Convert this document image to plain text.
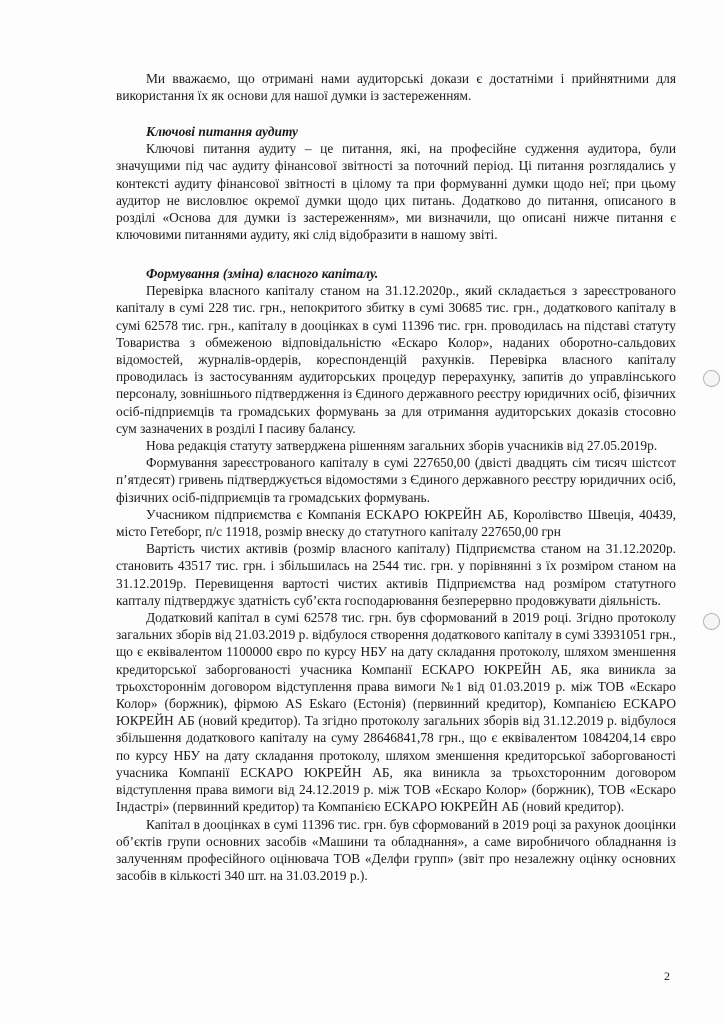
Ми вважаємо, що отримані нами аудиторські докази є достатніми і прийнятними для використання їх як основи для нашої думки із застереженням.

Ключові питання аудиту

Ключові питання аудиту – це питання, які, на професійне судження аудитора, були значущими під час аудиту фінансової звітності за поточний період. Ці питання розглядались у контексті аудиту фінансової звітності в цілому та при формуванні думки щодо неї; при цьому аудитор не висловлює окремої думки щодо цих питань. Додатково до питання, описаного в розділі «Основа для думки із застереженням», ми визначили, що описані нижче питання є ключовими питаннями аудиту, які слід відобразити в нашому звіті.

Формування (зміна) власного капіталу.

Перевірка власного капіталу станом на 31.12.2020р., який складається з зареєстрованого капіталу в сумі 228 тис. грн., непокритого збитку в сумі 30685 тис. грн., додаткового капіталу в сумі 62578 тис. грн., капіталу в дооцінках в сумі 11396 тис. грн. проводилась на підставі статуту Товариства з обмеженою відповідальністю «Ескаро Колор», наданих оборотно-сальдових відомостей, журналів-ордерів, кореспонденцій рахунків. Перевірка власного капіталу проводилась із застосуванням аудиторських процедур перерахунку, запитів до управлінського персоналу, зовнішнього підтвердження із Єдиного державного реєстру юридичних осіб, фізичних осіб-підприємців та громадських формувань за для отримання аудиторських доказів стосовно сум зазначених в розділі І пасиву балансу.

Нова редакція статуту затверджена рішенням загальних зборів учасників від 27.05.2019р.

Формування зареєстрованого капіталу в сумі 227650,00 (двісті двадцять сім тисяч шістсот п’ятдесят) гривень підтверджується відомостями з Єдиного державного реєстру юридичних осіб, фізичних осіб-підприємців та громадських формувань.

Учасником підприємства є Компанія ЕСКАРО ЮКРЕЙН АБ, Королівство Швеція, 40439, місто Гетеборг, п/с 11918, розмір внеску до статутного капіталу 227650,00 грн

Вартість чистих активів (розмір власного капіталу) Підприємства станом на 31.12.2020р. становить 43517 тис. грн. і збільшилась на 2544 тис. грн. у порівнянні з їх розміром станом на 31.12.2019р. Перевищення вартості чистих активів Підприємства над розміром статутного капталу підтверджує здатність суб’єкта господарювання безперервно продовжувати діяльність.

Додатковий капітал в сумі 62578 тис. грн. був сформований в 2019 році. Згідно протоколу загальних зборів від 21.03.2019 р. відбулося створення додаткового капіталу в сумі 33931051 грн., що є еквівалентом 1100000 євро по курсу НБУ на дату складання протоколу, шляхом зменшення кредиторської заборгованості учасника Компанії ЕСКАРО ЮКРЕЙН АБ, яка виникла за трьохстороннім договором відступлення права вимоги №1 від 01.03.2019 р. між ТОВ «Ескаро Колор» (боржник), фірмою AS Eskaro (Естонія) (первинний кредитор), Компанією ЕСКАРО ЮКРЕЙН АБ (новий кредитор). Та згідно протоколу загальних зборів від 31.12.2019 р. відбулося збільшення додаткового капіталу на суму 28646841,78 грн., що є еквівалентом 1084204,14 євро по курсу НБУ на дату складання протоколу, шляхом зменшення кредиторської заборгованості учасника Компанії ЕСКАРО ЮКРЕЙН АБ, яка виникла за трьохсторонним договором відступлення права вимоги від 24.12.2019 р. між ТОВ «Ескаро Колор» (боржник), ТОВ «Ескаро Індастрі» (первинний кредитор) та Компанією ЕСКАРО ЮКРЕЙН АБ (новий кредитор).

Капітал в дооцінках в сумі 11396 тис. грн. був сформований в 2019 році за рахунок дооцінки об’єктів групи основних засобів «Машини та обладнання», а саме виробничого обладнання із залученням професійного оцінювача ТОВ «Делфи групп» (звіт про незалежну оцінку основних засобів в кількості 340 шт. на 31.03.2019 р.).

2
